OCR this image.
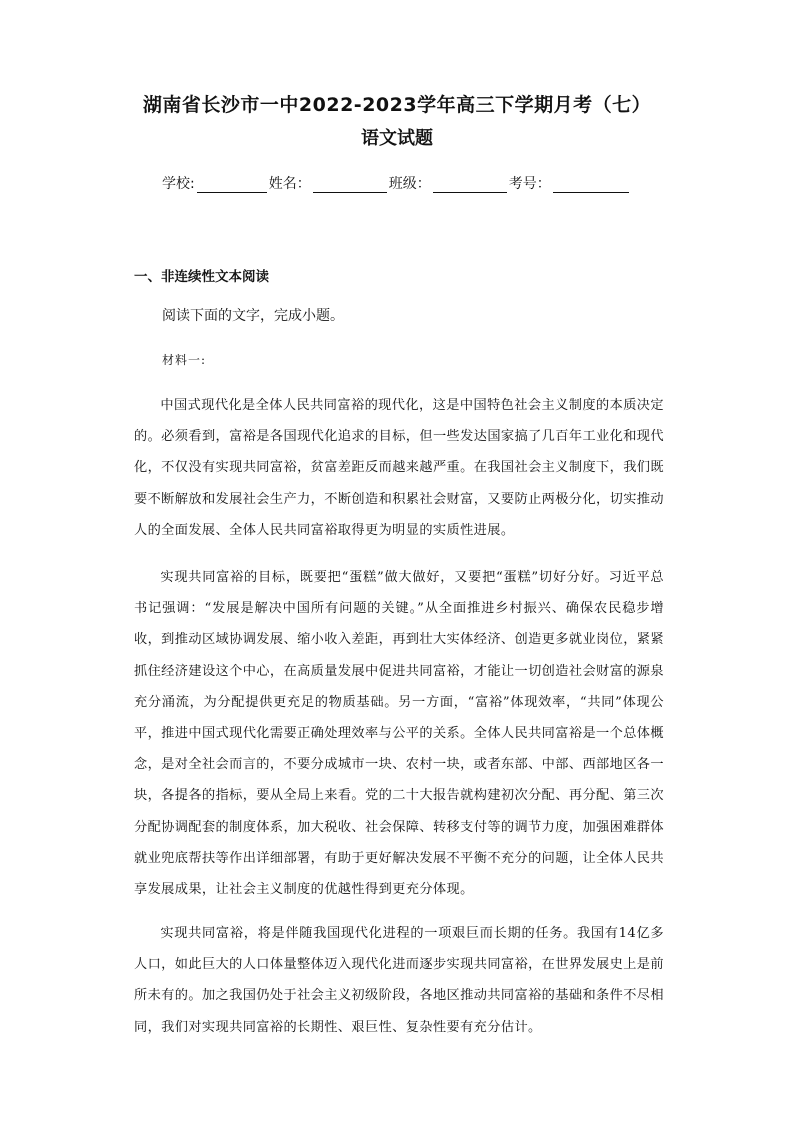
湖南省长沙市一中2022-2023学年高三下学期月考（七）
语文试题
学校:	姓名：	班级：	考号：
一、非连续性文本阅读
阅读下面的文字，完成小题。
材料一:

中国式现代化是全体人民共同富裕的现代化，这是中国特色社会主义制度的本质决定的。必须看到，富裕是各国现代化追求的目标，但一些发达国家搞了几百年工业化和现代化，不仅没有实现共同富裕，贫富差距反而越来越严重。在我国社会主义制度下，我们既要不断解放和发展社会生产力，不断创造和积累社会财富，又要防止两极分化，切实推动人的全面发展、全体人民共同富裕取得更为明显的实质性进展。

实现共同富裕的目标，既要把“蛋糕”做大做好，又要把“蛋糕”切好分好。习近平总书记强调：“发展是解决中国所有问题的关键。”从全面推进乡村振兴、确保农民稳步增收，到推动区域协调发展、缩小收入差距，再到壮大实体经济、创造更多就业岗位，紧紧抓住经济建设这个中心，在高质量发展中促进共同富裕，才能让一切创造社会财富的源泉充分涌流，为分配提供更充足的物质基础。另一方面，“富裕”体现效率，“共同”体现公平，推进中国式现代化需要正确处理效率与公平的关系。全体人民共同富裕是一个总体概念，是对全社会而言的，不要分成城市一块、农村一块，或者东部、中部、西部地区各一块，各提各的指标，要从全局上来看。党的二十大报告就构建初次分配、再分配、第三次分配协调配套的制度体系，加大税收、社会保障、转移支付等的调节力度，加强困难群体就业兜底帮扶等作出详细部署，有助于更好解决发展不平衡不充分的问题，让全体人民共享发展成果，让社会主义制度的优越性得到更充分体现。

实现共同富裕，将是伴随我国现代化进程的一项艰巨而长期的任务。我国有14亿多人口，如此巨大的人口体量整体迈入现代化进而逐步实现共同富裕，在世界发展史上是前所未有的。加之我国仍处于社会主义初级阶段，各地区推动共同富裕的基础和条件不尽相同，我们对实现共同富裕的长期性、艰巨性、复杂性要有充分估计。
